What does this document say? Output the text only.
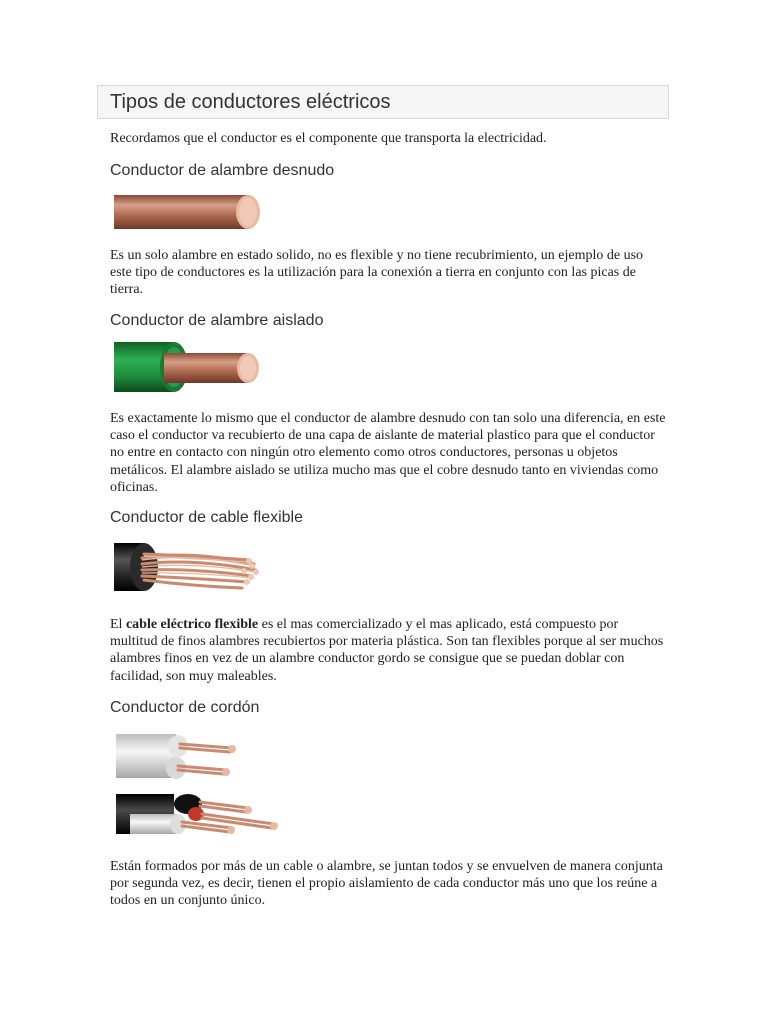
Tipos de conductores eléctricos

Recordamos que el conductor es el componente que transporta la electricidad.

Conductor de alambre desnudo

Es un solo alambre en estado solido, no es flexible y no tiene recubrimiento, un ejemplo de uso este tipo de conductores es la utilización para la conexión a tierra en conjunto con las picas de tierra.

Conductor de alambre aislado

Es exactamente lo mismo que el conductor de alambre desnudo con tan solo una diferencia, en este caso el conductor va recubierto de una capa de aislante de material plastico para que el conductor no entre en contacto con ningún otro elemento como otros conductores, personas u objetos metálicos. El alambre aislado se utiliza mucho mas que el cobre desnudo tanto en viviendas como oficinas.

Conductor de cable flexible

El cable eléctrico flexible es el mas comercializado y el mas aplicado, está compuesto por multitud de finos alambres recubiertos por materia plástica. Son tan flexibles porque al ser muchos alambres finos en vez de un alambre conductor gordo se consigue que se puedan doblar con facilidad, son muy maleables.

Conductor de cordón

Están formados por más de un cable o alambre, se juntan todos y se envuelven de manera conjunta por segunda vez, es decir, tienen el propio aislamiento de cada conductor más uno que los reúne a todos en un conjunto único.
